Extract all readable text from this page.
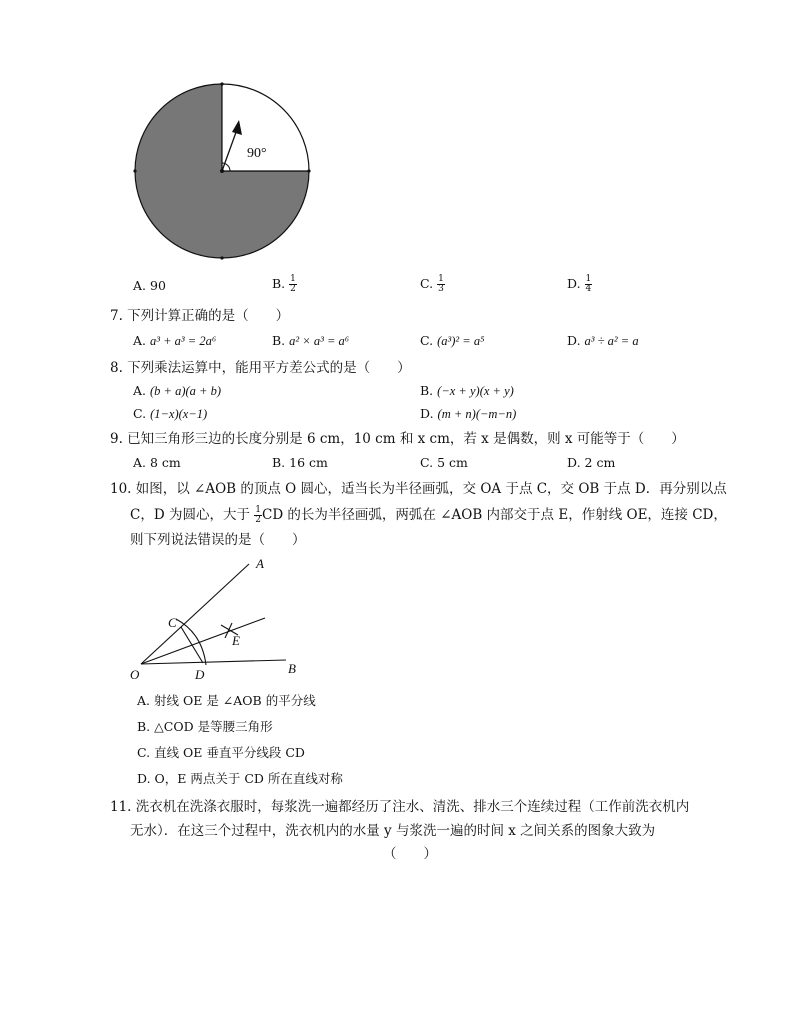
90°
A. 90	B. $\frac{1}{2}$	C. $\frac{1}{3}$	D. $\frac{1}{4}$
7. 下列计算正确的是（　　）
A. a³ + a³ = 2a⁶	B. a² × a³ = a⁶	C. (a³)² = a⁵	D. a³ ÷ a² = a
8. 下列乘法运算中，能用平方差公式的是（　　）
A. (b + a)(a + b)	B. (−x + y)(x + y)
C. (1−x)(x−1)	D. (m + n)(−m−n)
9. 已知三角形三边的长度分别是 6 cm，10 cm 和 x cm，若 x 是偶数，则 x 可能等于（　　）
A. 8 cm	B. 16 cm	C. 5 cm	D. 2 cm
10. 如图，以 ∠AOB 的顶点 O 圆心，适当长为半径画弧，交 OA 于点 C，交 OB 于点 D．再分别以点
C，D 为圆心，大于 $\frac{1}{2}$ CD 的长为半径画弧，两弧在 ∠AOB 内部交于点 E，作射线 OE，连接 CD，
则下列说法错误的是（　　）
A
B
C
D
E
O
A. 射线 OE 是 ∠AOB 的平分线
B. △COD 是等腰三角形
C. 直线 OE 垂直平分线段 CD
D. O，E 两点关于 CD 所在直线对称
11. 洗衣机在洗涤衣服时，每浆洗一遍都经历了注水、清洗、排水三个连续过程（工作前洗衣机内
无水）．在这三个过程中，洗衣机内的水量 y 与浆洗一遍的时间 x 之间关系的图象大致为
（　　）
